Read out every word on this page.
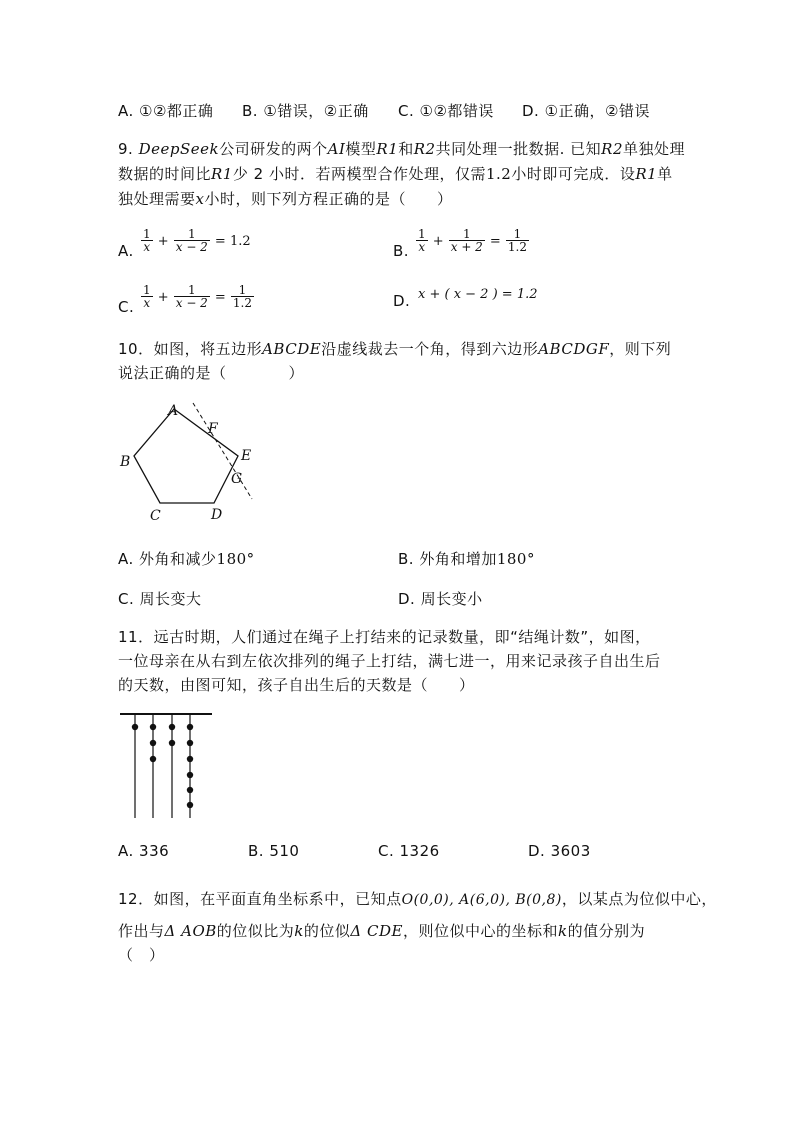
A. ①②都正确 B. ①错误，②正确 C. ①②都错误 D. ①正确，②错误
9. DeepSeek公司研发的两个AI模型R1和R2共同处理一批数据. 已知R2单独处理
数据的时间比R1少 2 小时．若两模型合作处理，仅需1.2小时即可完成．设R1单
独处理需要x小时，则下列方程正确的是（　　）
A. $\frac{1}{x} + \frac{1}{x - 2} = 1.2$
B. $\frac{1}{x} + \frac{1}{x + 2} = \frac{1}{1.2}$
C. $\frac{1}{x} + \frac{1}{x - 2} = \frac{1}{1.2}$	D. x + ( x − 2 ) = 1.2
10．如图，将五边形ABCDE沿虚线裁去一个角，得到六边形ABCDGF，则下列
说法正确的是（　　　　）
A
B
C	D
E
F
G
A. 外角和减少180°	B. 外角和增加180°
C. 周长变大	D. 周长变小
11．远古时期，人们通过在绳子上打结来的记录数量，即“结绳计数”，如图，
一位母亲在从右到左依次排列的绳子上打结，满七进一，用来记录孩子自出生后
的天数，由图可知，孩子自出生后的天数是（　　）
A. 336	B. 510	C. 1326	D. 3603
12．如图，在平面直角坐标系中，已知点O(0,0), A(6,0), B(0,8)，以某点为位似中心，
作出与Δ AOB的位似比为k的位似Δ CDE，则位似中心的坐标和k的值分别为
（　）
